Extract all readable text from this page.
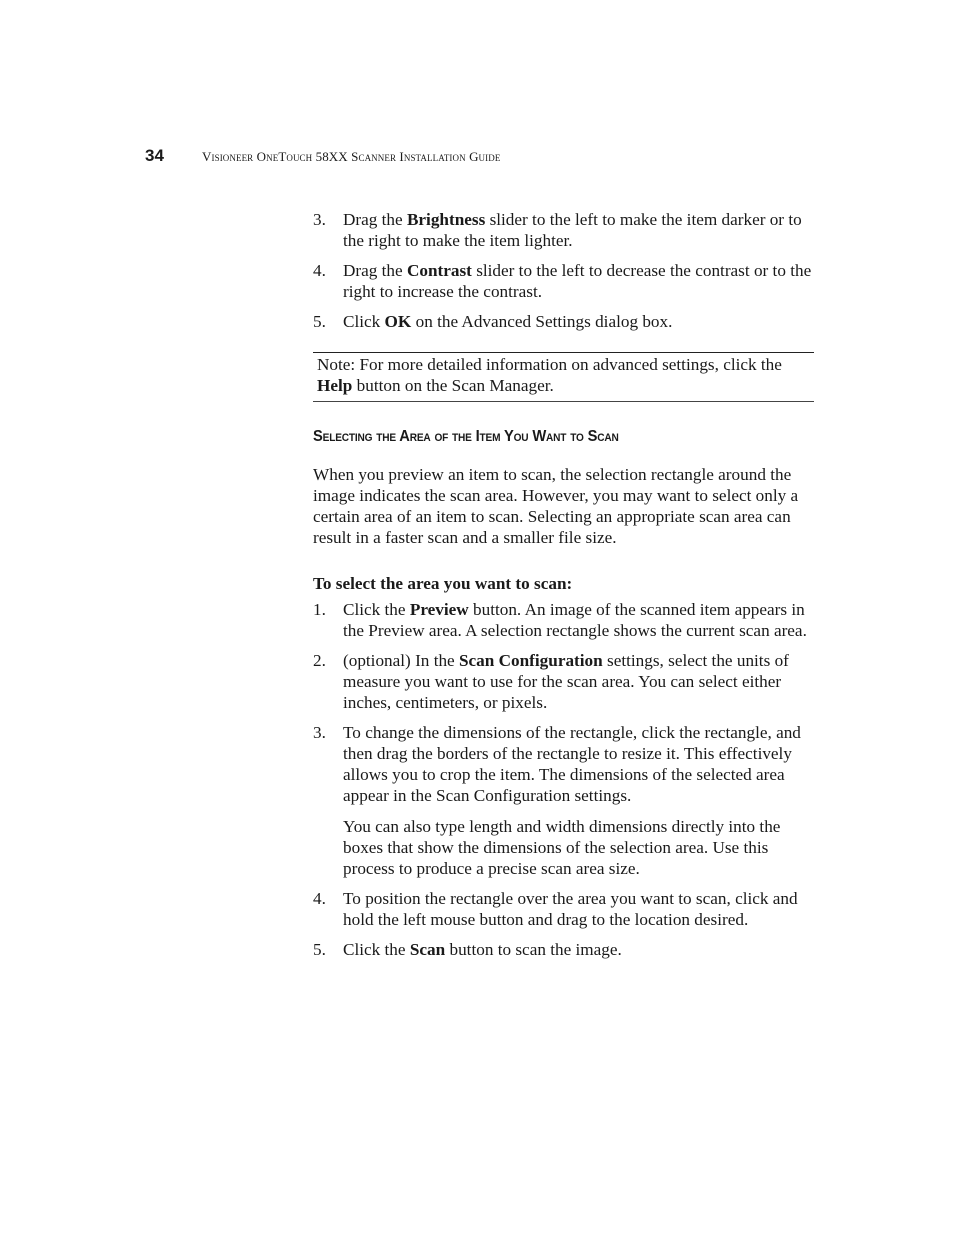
34	Visioneer OneTouch 58XX Scanner Installation Guide
3. Drag the Brightness slider to the left to make the item darker or to the right to make the item lighter.

4. Drag the Contrast slider to the left to decrease the contrast or to the right to increase the contrast.

5. Click OK on the Advanced Settings dialog box.

Note: For more detailed information on advanced settings, click the Help button on the Scan Manager.
Selecting the Area of the Item You Want to Scan

When you preview an item to scan, the selection rectangle around the image indicates the scan area. However, you may want to select only a certain area of an item to scan. Selecting an appropriate scan area can result in a faster scan and a smaller file size.

To select the area you want to scan:

1. Click the Preview button. An image of the scanned item appears in the Preview area. A selection rectangle shows the current scan area.

2. (optional) In the Scan Configuration settings, select the units of measure you want to use for the scan area. You can select either inches, centimeters, or pixels.

3. To change the dimensions of the rectangle, click the rectangle, and then drag the borders of the rectangle to resize it. This effectively allows you to crop the item. The dimensions of the selected area appear in the Scan Configuration settings.

You can also type length and width dimensions directly into the boxes that show the dimensions of the selection area. Use this process to produce a precise scan area size.

4. To position the rectangle over the area you want to scan, click and hold the left mouse button and drag to the location desired.

5. Click the Scan button to scan the image.
